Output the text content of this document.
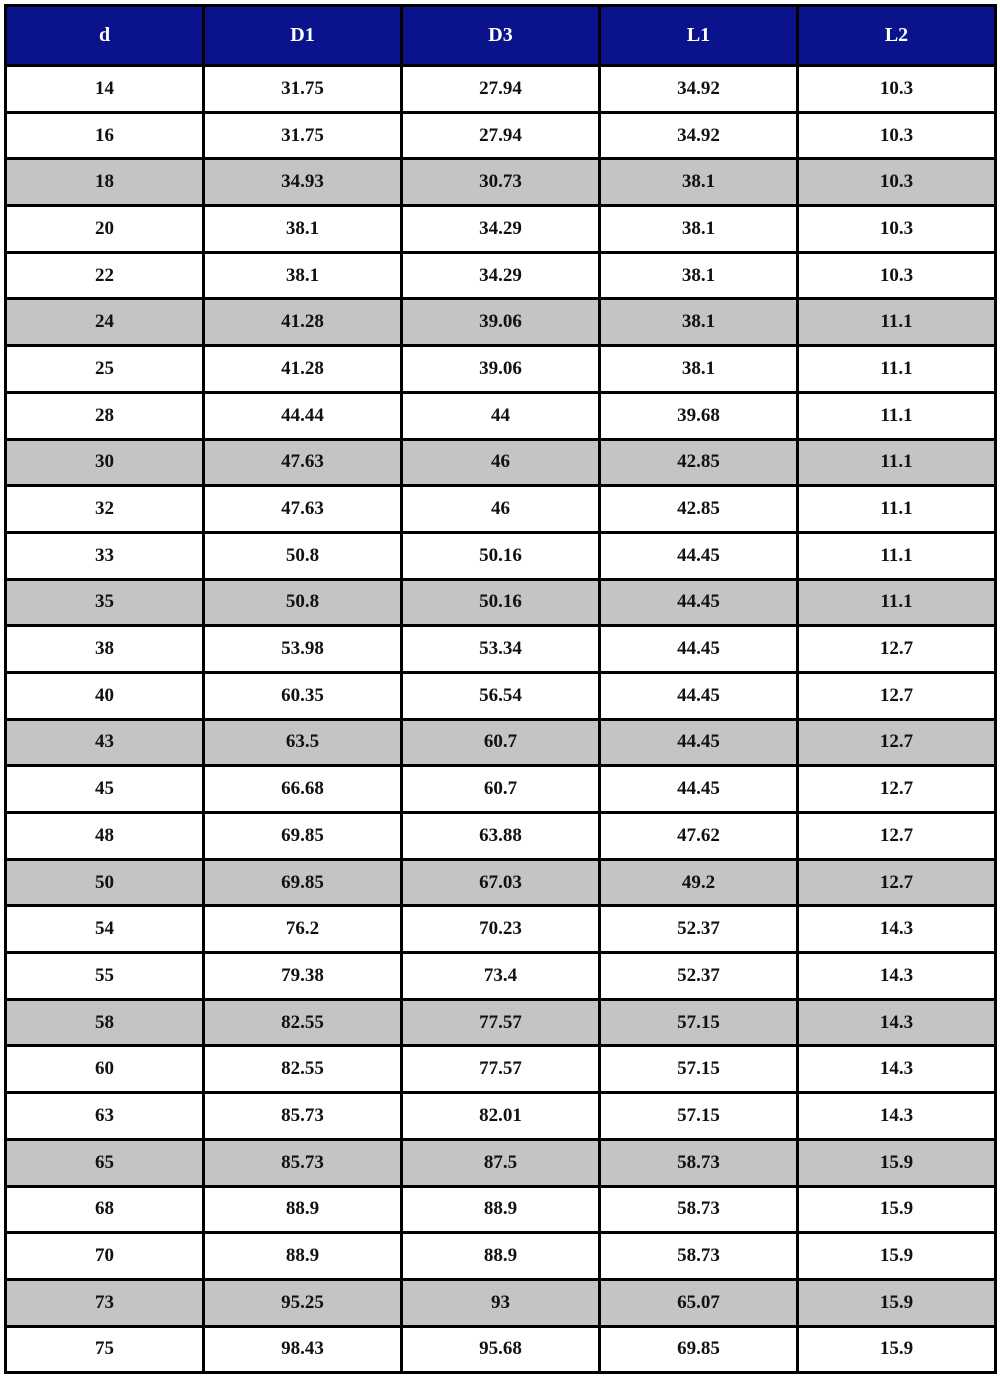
d	D1	D3	L1	L2
14	31.75	27.94	34.92	10.3
16	31.75	27.94	34.92	10.3
18	34.93	30.73	38.1	10.3
20	38.1	34.29	38.1	10.3
22	38.1	34.29	38.1	10.3
24	41.28	39.06	38.1	11.1
25	41.28	39.06	38.1	11.1
28	44.44	44	39.68	11.1
30	47.63	46	42.85	11.1
32	47.63	46	42.85	11.1
33	50.8	50.16	44.45	11.1
35	50.8	50.16	44.45	11.1
38	53.98	53.34	44.45	12.7
40	60.35	56.54	44.45	12.7
43	63.5	60.7	44.45	12.7
45	66.68	60.7	44.45	12.7
48	69.85	63.88	47.62	12.7
50	69.85	67.03	49.2	12.7
54	76.2	70.23	52.37	14.3
55	79.38	73.4	52.37	14.3
58	82.55	77.57	57.15	14.3
60	82.55	77.57	57.15	14.3
63	85.73	82.01	57.15	14.3
65	85.73	87.5	58.73	15.9
68	88.9	88.9	58.73	15.9
70	88.9	88.9	58.73	15.9
73	95.25	93	65.07	15.9
75	98.43	95.68	69.85	15.9
